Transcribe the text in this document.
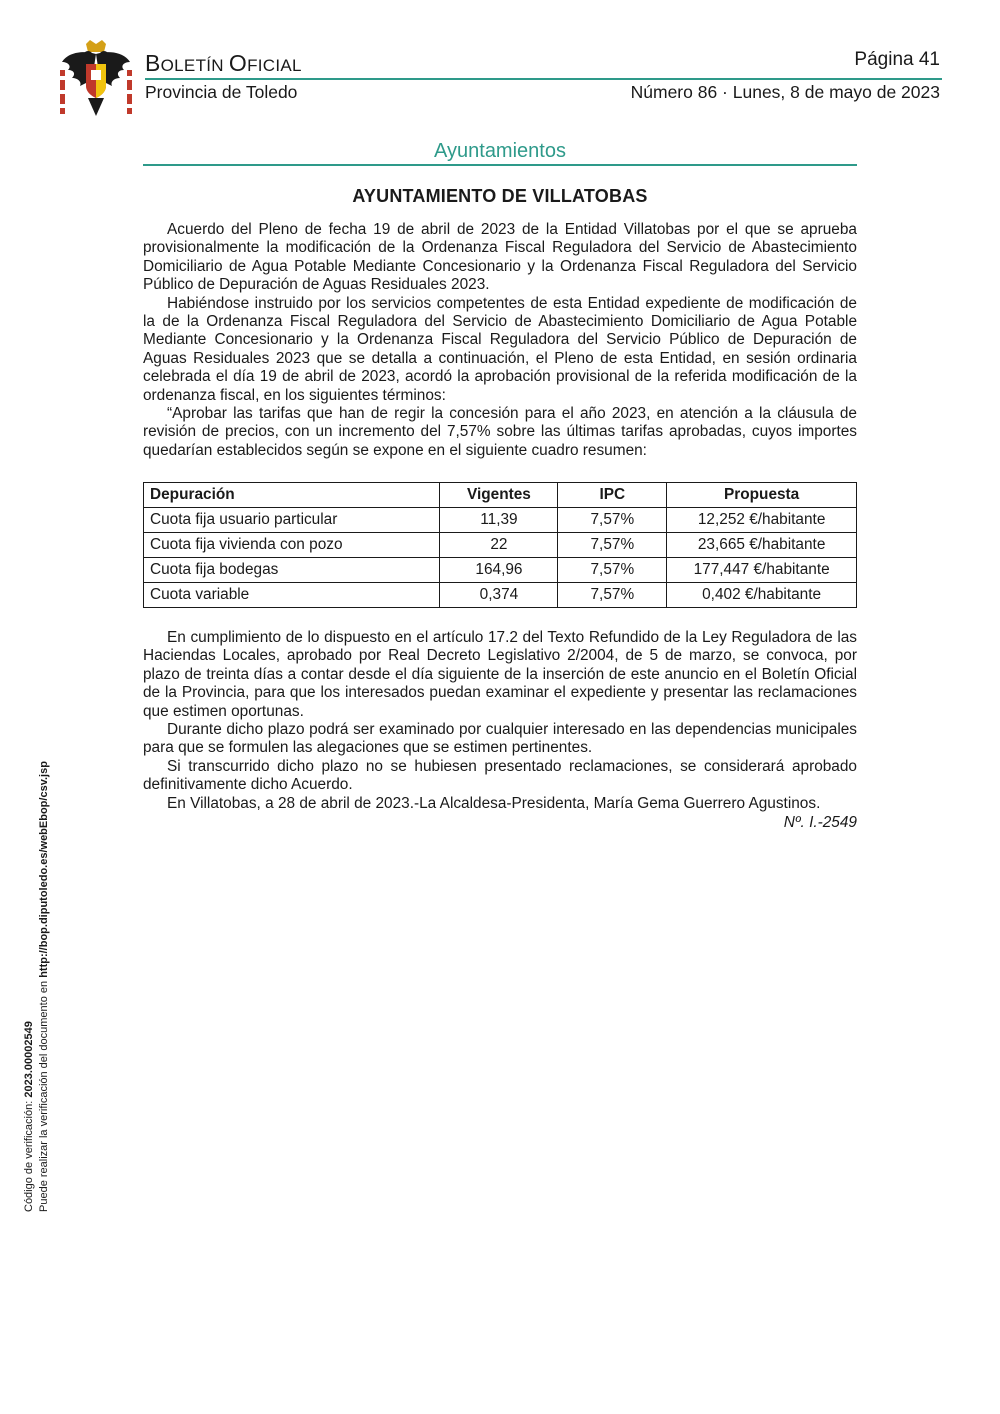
BOLETÍN OFICIAL	Página 41
Provincia de Toledo	Número 86 · Lunes, 8 de mayo de 2023
Ayuntamientos
AYUNTAMIENTO DE VILLATOBAS

Acuerdo del Pleno de fecha 19 de abril de 2023 de la Entidad Villatobas por el que se aprueba provisionalmente la modificación de la Ordenanza Fiscal Reguladora del Servicio de Abastecimiento Domiciliario de Agua Potable Mediante Concesionario y la Ordenanza Fiscal Reguladora del Servicio Público de Depuración de Aguas Residuales 2023.

Habiéndose instruido por los servicios competentes de esta Entidad expediente de modificación de la de la Ordenanza Fiscal Reguladora del Servicio de Abastecimiento Domiciliario de Agua Potable Mediante Concesionario y la Ordenanza Fiscal Reguladora del Servicio Público de Depuración de Aguas Residuales 2023 que se detalla a continuación, el Pleno de esta Entidad, en sesión ordinaria celebrada el día 19 de abril de 2023, acordó la aprobación provisional de la referida modificación de la ordenanza fiscal, en los siguientes términos:

“Aprobar las tarifas que han de regir la concesión para el año 2023, en atención a la cláusula de revisión de precios, con un incremento del 7,57% sobre las últimas tarifas aprobadas, cuyos importes quedarían establecidos según se expone en el siguiente cuadro resumen:

Depuración	Vigentes	IPC	Propuesta
Cuota fija usuario particular	11,39	7,57%	12,252 €/habitante
Cuota fija vivienda con pozo	22	7,57%	23,665 €/habitante
Cuota fija bodegas	164,96	7,57%	177,447 €/habitante
Cuota variable	0,374	7,57%	0,402 €/habitante

En cumplimiento de lo dispuesto en el artículo 17.2 del Texto Refundido de la Ley Reguladora de las Haciendas Locales, aprobado por Real Decreto Legislativo 2/2004, de 5 de marzo, se convoca, por plazo de treinta días a contar desde el día siguiente de la inserción de este anuncio en el Boletín Oficial de la Provincia, para que los interesados puedan examinar el expediente y presentar las reclamaciones que estimen oportunas.

Durante dicho plazo podrá ser examinado por cualquier interesado en las dependencias municipales para que se formulen las alegaciones que se estimen pertinentes.

Si transcurrido dicho plazo no se hubiesen presentado reclamaciones, se considerará aprobado definitivamente dicho Acuerdo.

En Villatobas, a 28 de abril de 2023.-La Alcaldesa-Presidenta, María Gema Guerrero Agustinos.

Nº. I.-2549
Código de verificación: 2023.00002549 Puede realizar la verificación del documento en http://bop.diputoledo.es/webEbop/csv.jsp
